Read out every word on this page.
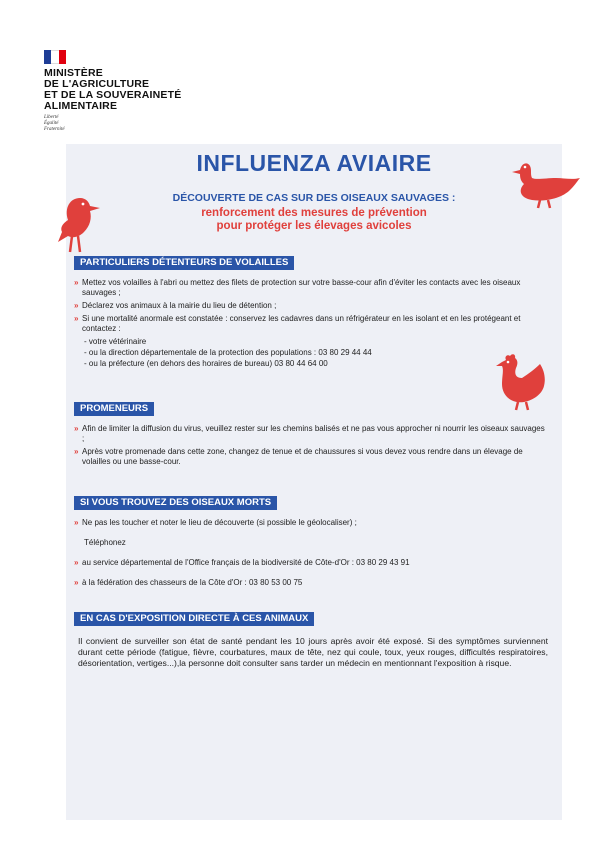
MINISTÈRE
DE L'AGRICULTURE
ET DE LA SOUVERAINETÉ
ALIMENTAIRE
Liberté
Égalité
Fraternité
INFLUENZA AVIAIRE
DÉCOUVERTE DE CAS SUR DES OISEAUX SAUVAGES :
renforcement des mesures de prévention
pour protéger les élevages avicoles
PARTICULIERS DÉTENTEURS DE VOLAILLES
» Mettez vos volailles à l'abri ou mettez des filets de protection sur votre basse-cour afin d'éviter les contacts avec les oiseaux sauvages ;
» Déclarez vos animaux à la mairie du lieu de détention ;
» Si une mortalité anormale est constatée : conservez les cadavres dans un réfrigérateur en les isolant et en les protégeant et contactez :
- votre vétérinaire
- ou la direction départementale de la protection des populations : 03 80 29 44 44
- ou la préfecture (en dehors des horaires de bureau) 03 80 44 64 00
PROMENEURS
» Afin de limiter la diffusion du virus, veuillez rester sur les chemins balisés et ne pas vous approcher ni nourrir les oiseaux sauvages ;
» Après votre promenade dans cette zone, changez de tenue et de chaussures si vous devez vous rendre dans un élevage de volailles ou une basse-cour.
SI VOUS TROUVEZ DES OISEAUX MORTS
» Ne pas les toucher et noter le lieu de découverte (si possible le géolocaliser) ;
Téléphonez
» au service départemental de l'Office français de la biodiversité de Côte-d'Or : 03 80 29 43 91
» à la fédération des chasseurs de la Côte d'Or : 03 80 53 00 75
EN CAS D'EXPOSITION DIRECTE À CES ANIMAUX
Il convient de surveiller son état de santé pendant les 10 jours après avoir été exposé. Si des symptômes surviennent durant cette période (fatigue, fièvre, courbatures, maux de tête, nez qui coule, toux, yeux rouges, difficultés respiratoires, désorientation, vertiges...),la personne doit consulter sans tarder un médecin en mentionnant l'exposition à risque.
